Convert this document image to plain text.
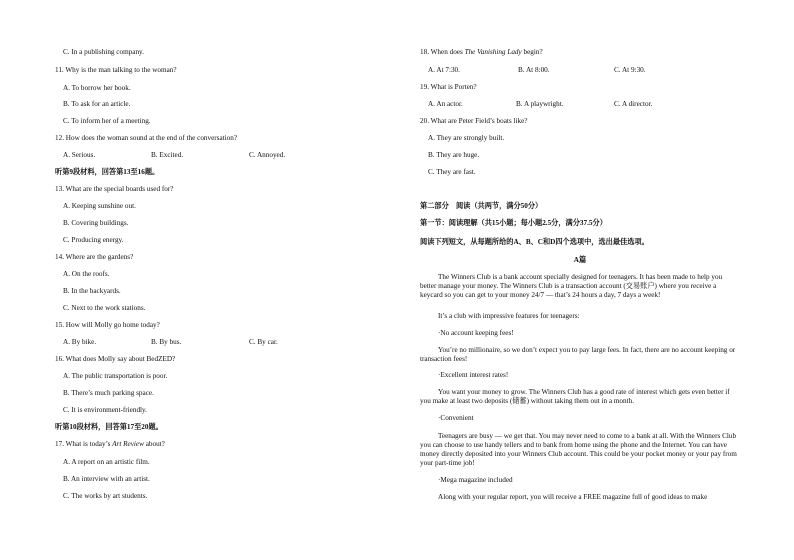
C. In a publishing company.
11. Why is the man talking to the woman?
A. To borrow her book.
B. To ask for an article.
C. To inform her of a meeting.
12. How does the woman sound at the end of the conversation?
A. Serious.	B. Excited.	C. Annoyed.
听第9段材料，回答第13至16题。
13. What are the special boards used for?
A. Keeping sunshine out.
B. Covering buildings.
C. Producing energy.
14. Where are the gardens?
A. On the roofs.
B. In the backyards.
C. Next to the work stations.
15. How will Molly go home today?
A. By bike.	B. By bus.	C. By car.
16. What does Molly say about BedZED?
A. The public transportation is poor.
B. There’s much parking space.
C. It is environment-friendly.
听第10段材料，回答第17至20题。
17. What is today’s Art Review about?
A. A report on an artistic film.
B. An interview with an artist.
C. The works by art students.
18. When does The Vanishing Lady begin?
A. At 7:30.	B. At 8:00.	C. At 9:30.
19. What is Porten?
A. An actor.	B. A playwright.	C. A director.
20. What are Peter Field’s boats like?
A. They are strongly built.
B. They are huge.
C. They are fast.
第二部分　阅读（共两节，满分50分）
第一节：阅读理解（共15小题；每小题2.5分，满分37.5分）
阅读下列短文，从每题所给的A、B、C和D四个选项中，选出最佳选项。
A篇
The Winners Club is a bank account specially designed for teenagers. It has been made to help you better manage your money. The Winners Club is a transaction account (交易账户) where you receive a keycard so you can get to your money 24/7 — that’s 24 hours a day, 7 days a week!
It’s a club with impressive features for teenagers:
·No account keeping fees!
You’re no millionaire, so we don’t expect you to pay large fees. In fact, there are no account keeping or transaction fees!
·Excellent interest rates!
You want your money to grow. The Winners Club has a good rate of interest which gets even better if you make at least two deposits (储蓄) without taking them out in a month.
·Convenient
Teenagers are busy — we get that. You may never need to come to a bank at all. With the Winners Club you can choose to use handy tellers and to bank from home using the phone and the Internet. You can have money directly deposited into your Winners Club account. This could be your pocket money or your pay from your part-time job!
·Mega magazine included
Along with your regular report, you will receive a FREE magazine full of good ideas to make
